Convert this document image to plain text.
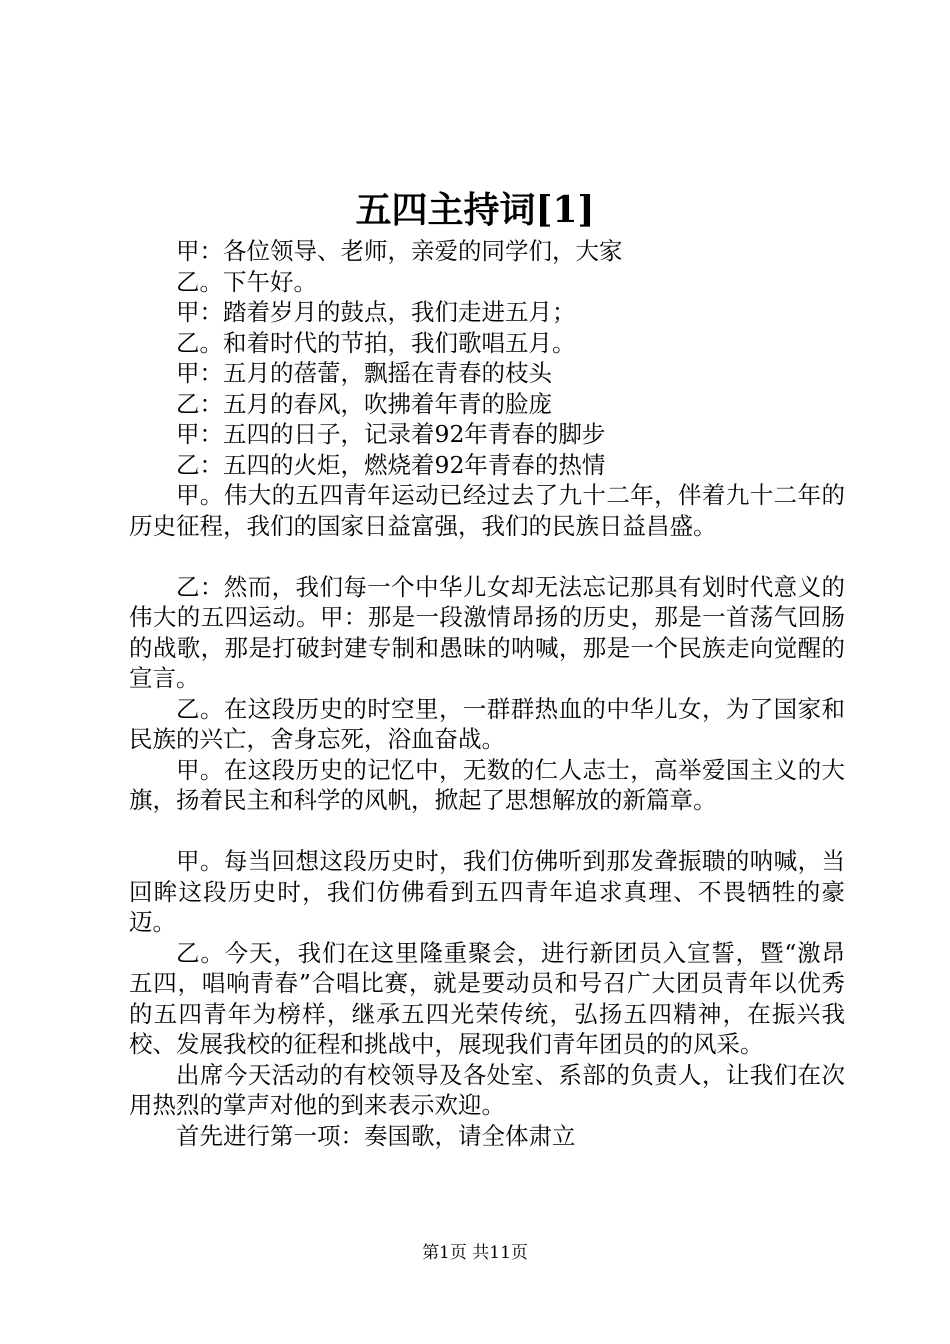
五四主持词[1]

甲：各位领导、老师，亲爱的同学们，大家

乙。下午好。

甲：踏着岁月的鼓点，我们走进五月；

乙。和着时代的节拍，我们歌唱五月。

甲：五月的蓓蕾，飘摇在青春的枝头

乙：五月的春风，吹拂着年青的脸庞

甲：五四的日子，记录着92年青春的脚步

乙：五四的火炬，燃烧着92年青春的热情

甲。伟大的五四青年运动已经过去了九十二年，伴着九十二年的历史征程，我们的国家日益富强，我们的民族日益昌盛。

乙：然而，我们每一个中华儿女却无法忘记那具有划时代意义的伟大的五四运动。甲：那是一段激情昂扬的历史，那是一首荡气回肠的战歌，那是打破封建专制和愚昧的呐喊，那是一个民族走向觉醒的宣言。

乙。在这段历史的时空里，一群群热血的中华儿女，为了国家和民族的兴亡，舍身忘死，浴血奋战。

甲。在这段历史的记忆中，无数的仁人志士，高举爱国主义的大旗，扬着民主和科学的风帆，掀起了思想解放的新篇章。

甲。每当回想这段历史时，我们仿佛听到那发聋振聩的呐喊，当回眸这段历史时，我们仿佛看到五四青年追求真理、不畏牺牲的豪迈。

乙。今天，我们在这里隆重聚会，进行新团员入宣誓，暨“激昂五四，唱响青春”合唱比赛，就是要动员和号召广大团员青年以优秀的五四青年为榜样，继承五四光荣传统，弘扬五四精神，在振兴我校、发展我校的征程和挑战中，展现我们青年团员的的风采。

出席今天活动的有校领导及各处室、系部的负责人，让我们在次用热烈的掌声对他的到来表示欢迎。

首先进行第一项：奏国歌，请全体肃立

第1页 共11页
